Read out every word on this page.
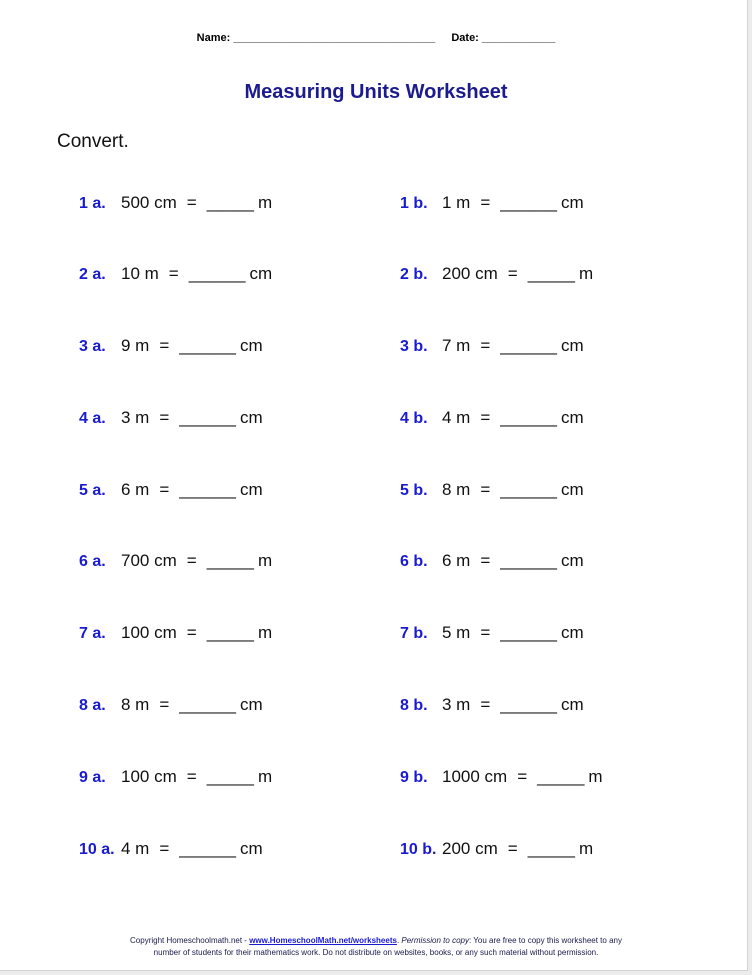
Name: _________________________________ Date: ____________
Measuring Units Worksheet
Convert.
1 a. 500 cm = _____ m
2 a. 10 m = ______ cm
3 a. 9 m = ______ cm
4 a. 3 m = ______ cm
5 a. 6 m = ______ cm
6 a. 700 cm = _____ m
7 a. 100 cm = _____ m
8 a. 8 m = ______ cm
9 a. 100 cm = _____ m
10 a. 4 m = ______ cm
1 b. 1 m = ______ cm
2 b. 200 cm = _____ m
3 b. 7 m = ______ cm
4 b. 4 m = ______ cm
5 b. 8 m = ______ cm
6 b. 6 m = ______ cm
7 b. 5 m = ______ cm
8 b. 3 m = ______ cm
9 b. 1000 cm = _____ m
10 b. 200 cm = _____ m
Copyright Homeschoolmath.net - www.HomeschoolMath.net/worksheets. Permission to copy: You are free to copy this worksheet to any
number of students for their mathematics work. Do not distribute on websites, books, or any such material without permission.
